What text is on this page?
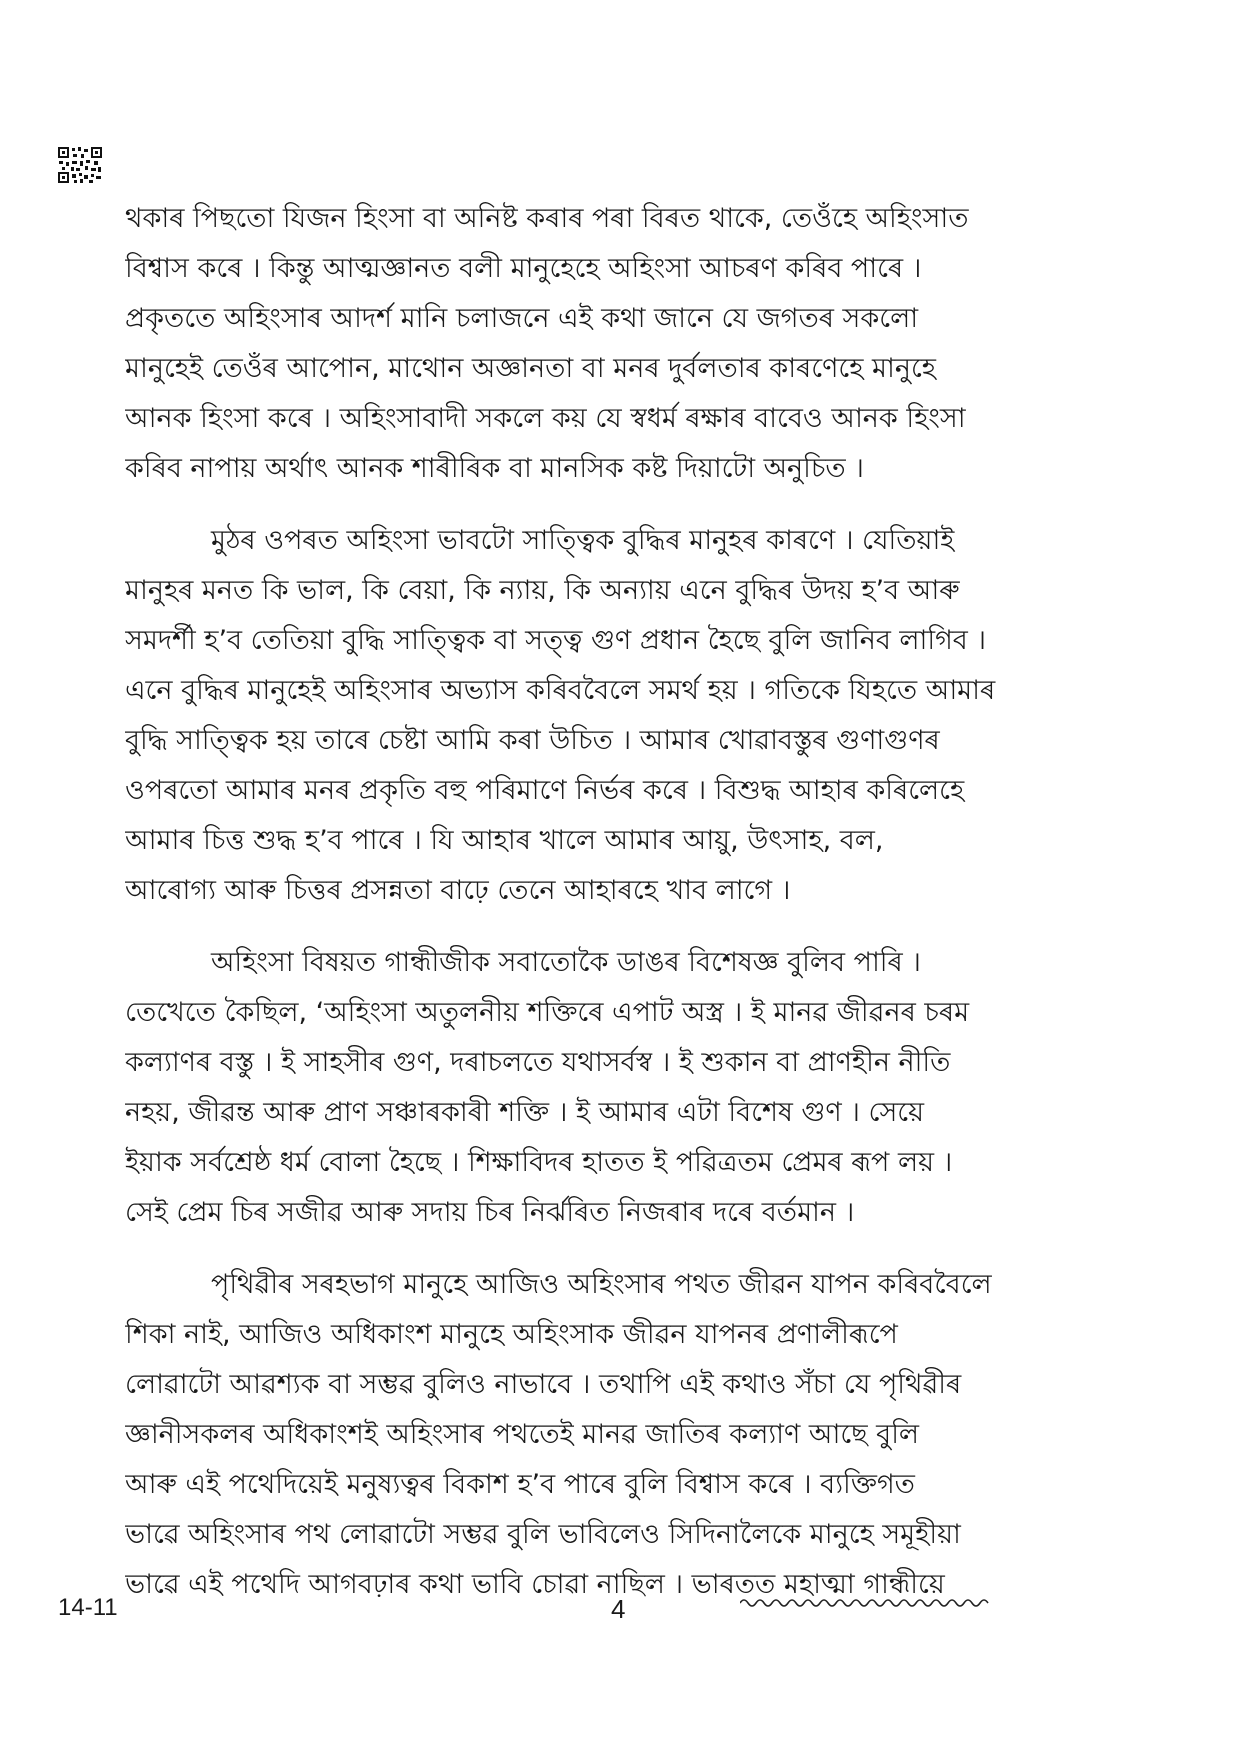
থকাৰ পিছতো যিজন হিংসা বা অনিষ্ট কৰাৰ পৰা বিৰত থাকে, তেওঁহে অহিংসাত
বিশ্বাস কৰে । কিন্তু আত্মজ্ঞানত বলী মানুহেহে অহিংসা আচৰণ কৰিব পাৰে ।
প্ৰকৃততে অহিংসাৰ আদৰ্শ মানি চলাজনে এই কথা জানে যে জগতৰ সকলো
মানুহেই তেওঁৰ আপোন, মাথোন অজ্ঞানতা বা মনৰ দুৰ্বলতাৰ কাৰণেহে মানুহে
আনক হিংসা কৰে । অহিংসাবাদী সকলে কয় যে স্বধৰ্ম ৰক্ষাৰ বাবেও আনক হিংসা
কৰিব নাপায় অৰ্থাৎ আনক শাৰীৰিক বা মানসিক কষ্ট দিয়াটো অনুচিত ।
মুঠৰ ওপৰত অহিংসা ভাবটো সাত্ত্বিক বুদ্ধিৰ মানুহৰ কাৰণে । যেতিয়াই
মানুহৰ মনত কি ভাল, কি বেয়া, কি ন্যায়, কি অন্যায় এনে বুদ্ধিৰ উদয় হ’ব আৰু
সমদৰ্শী হ’ব তেতিয়া বুদ্ধি সাত্ত্বিক বা সত্ত্ব গুণ প্ৰধান হৈছে বুলি জানিব লাগিব ।
এনে বুদ্ধিৰ মানুহেই অহিংসাৰ অভ্যাস কৰিববৈলে সমৰ্থ হয় । গতিকে যিহতে আমাৰ
বুদ্ধি সাত্ত্বিক হয় তাৰে চেষ্টা আমি কৰা উচিত । আমাৰ খোৱাবস্তুৰ গুণাগুণৰ
ওপৰতো আমাৰ মনৰ প্ৰকৃতি বহু পৰিমাণে নিৰ্ভৰ কৰে । বিশুদ্ধ আহাৰ কৰিলেহে
আমাৰ চিত্ত শুদ্ধ হ’ব পাৰে । যি আহাৰ খালে আমাৰ আয়ু, উৎসাহ, বল,
আৰোগ্য আৰু চিত্তৰ প্ৰসন্নতা বাঢ়ে তেনে আহাৰহে খাব লাগে ।
অহিংসা বিষয়ত গান্ধীজীক সবাতোকৈ ডাঙৰ বিশেষজ্ঞ বুলিব পাৰি ।
তেখেতে কৈছিল, ‘অহিংসা অতুলনীয় শক্তিৰে এপাট অস্ত্ৰ । ই মানৱ জীৱনৰ চৰম
কল্যাণৰ বস্তু । ই সাহসীৰ গুণ, দৰাচলতে যথাসৰ্বস্ব । ই শুকান বা প্ৰাণহীন নীতি
নহয়, জীৱন্ত আৰু প্ৰাণ সঞ্চাৰকাৰী শক্তি । ই আমাৰ এটা বিশেষ গুণ । সেয়ে
ইয়াক সৰ্বশ্ৰেষ্ঠ ধৰ্ম বোলা হৈছে । শিক্ষাবিদৰ হাতত ই পৱিত্ৰতম প্ৰেমৰ ৰূপ লয় ।
সেই প্ৰেম চিৰ সজীৱ আৰু সদায় চিৰ নিৰ্ঝৰিত নিজৰাৰ দৰে বৰ্তমান ।
পৃথিৱীৰ সৰহভাগ মানুহে আজিও অহিংসাৰ পথত জীৱন যাপন কৰিববৈলে
শিকা নাই, আজিও অধিকাংশ মানুহে অহিংসাক জীৱন যাপনৰ প্ৰণালীৰূপে
লোৱাটো আৱশ্যক বা সম্ভৱ বুলিও নাভাবে । তথাপি এই কথাও সঁচা যে পৃথিৱীৰ
জ্ঞানীসকলৰ অধিকাংশই অহিংসাৰ পথতেই মানৱ জাতিৰ কল্যাণ আছে বুলি
আৰু এই পথেদিয়েই মনুষ্যত্বৰ বিকাশ হ’ব পাৰে বুলি বিশ্বাস কৰে । ব্যক্তিগত
ভাৱে অহিংসাৰ পথ লোৱাটো সম্ভৱ বুলি ভাবিলেও সিদিনালৈকে মানুহে সমূহীয়া
ভাৱে এই পথেদি আগবঢ়াৰ কথা ভাবি চোৱা নাছিল । ভাৰতত মহাত্মা গান্ধীয়ে
14-11	4
